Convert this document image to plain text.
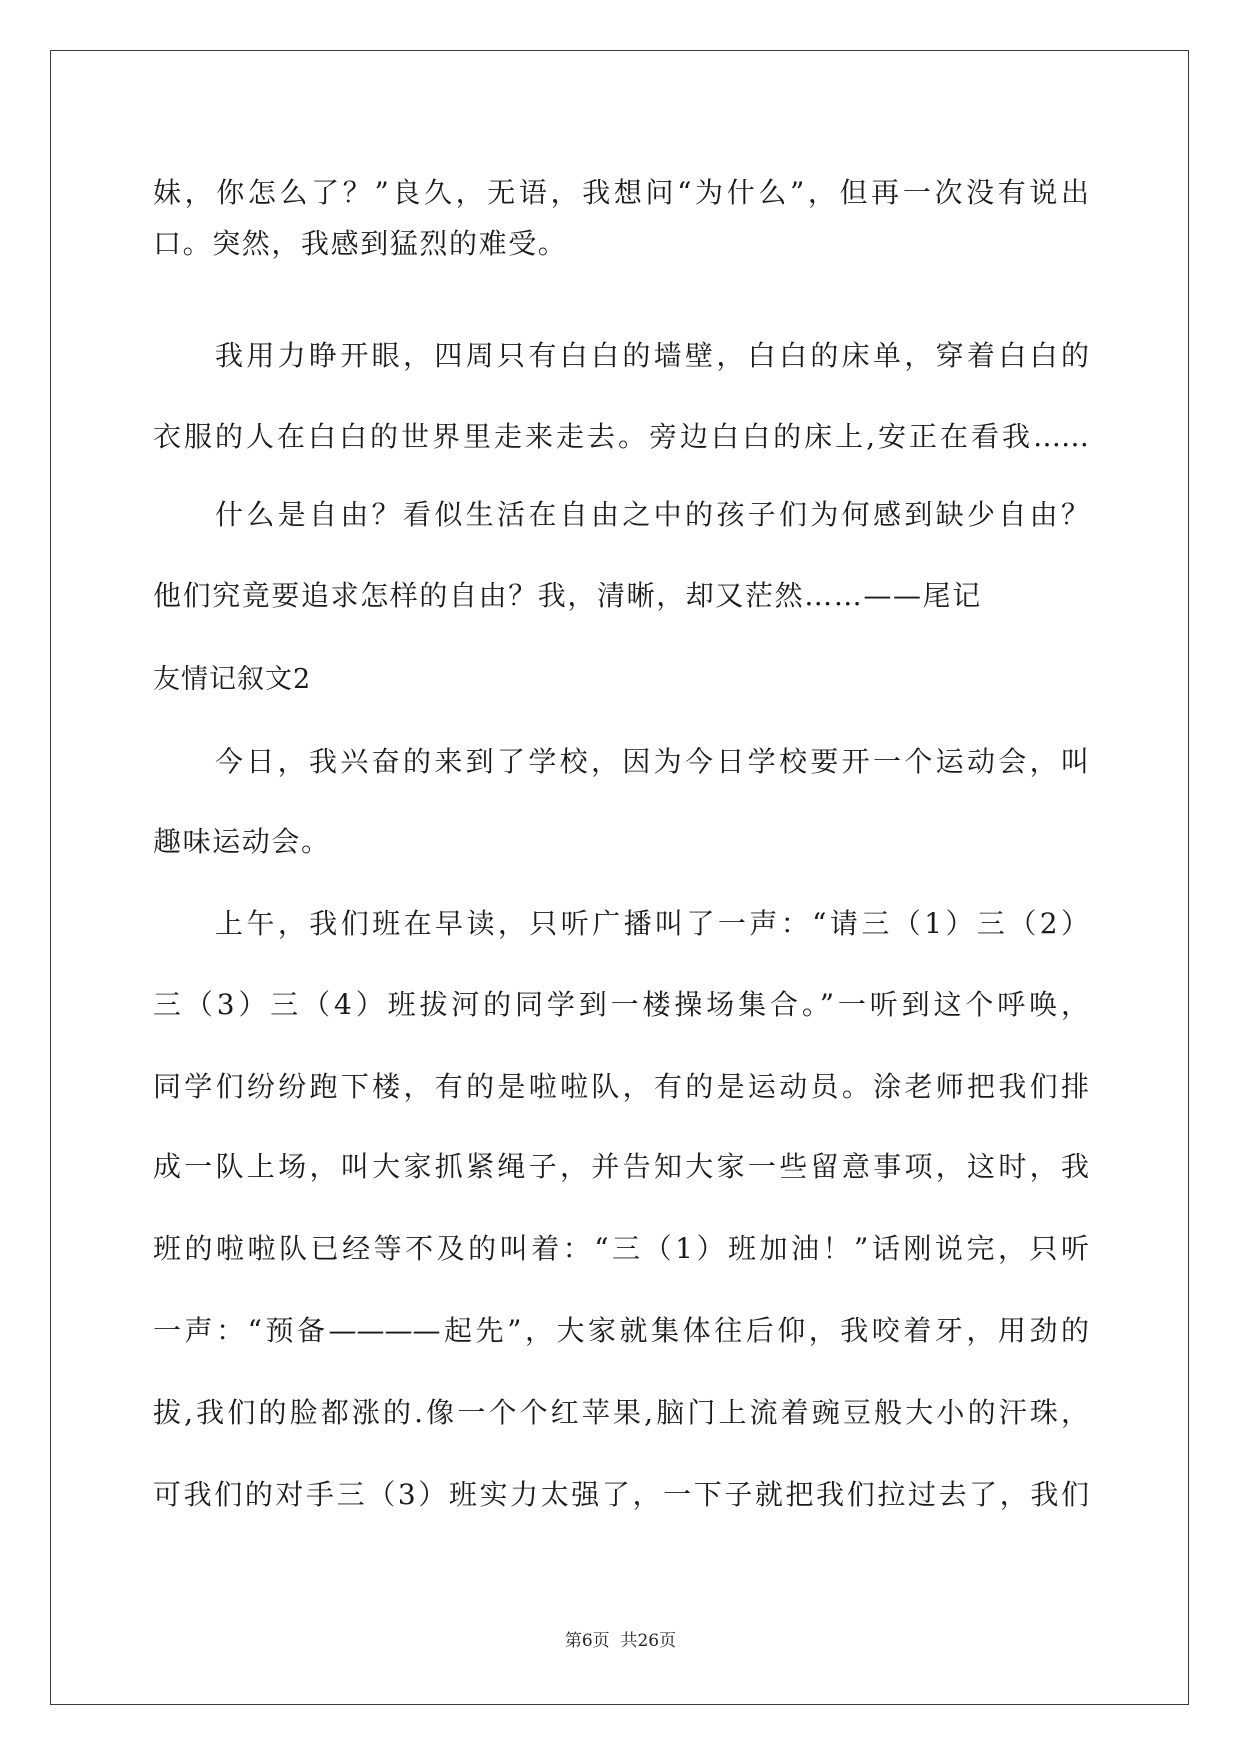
妹，你怎么了？”良久，无语，我想问“为什么”，但再一次没有说出
口。突然，我感到猛烈的难受。
我用力睁开眼，四周只有白白的墙壁，白白的床单，穿着白白的
衣服的人在白白的世界里走来走去。旁边白白的床上,安正在看我……
什么是自由？看似生活在自由之中的孩子们为何感到缺少自由？
他们究竟要追求怎样的自由？我，清晰，却又茫然……——尾记
友情记叙文2
今日，我兴奋的来到了学校，因为今日学校要开一个运动会，叫
趣味运动会。
上午，我们班在早读，只听广播叫了一声：“请三（1）三（2）
三（3）三（4）班拔河的同学到一楼操场集合。”一听到这个呼唤，
同学们纷纷跑下楼，有的是啦啦队，有的是运动员。涂老师把我们排
成一队上场，叫大家抓紧绳子，并告知大家一些留意事项，这时，我
班的啦啦队已经等不及的叫着：“三（1）班加油！”话刚说完，只听
一声：“预备————起先”，大家就集体往后仰，我咬着牙，用劲的
拔,我们的脸都涨的.像一个个红苹果,脑门上流着豌豆般大小的汗珠，
可我们的对手三（3）班实力太强了，一下子就把我们拉过去了，我们
第6页  共26页
